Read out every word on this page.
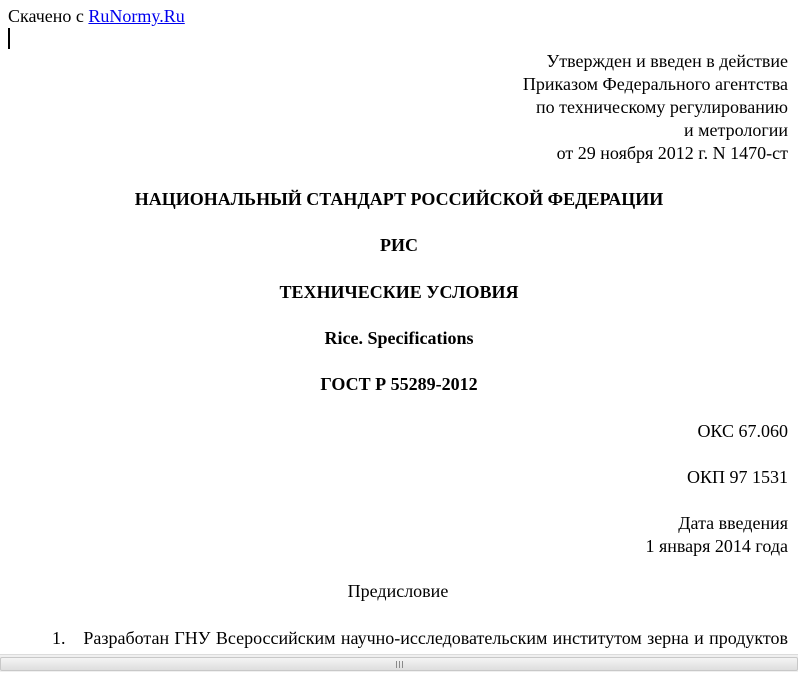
Скачено с RuNormy.Ru
Утвержден и введен в действие
Приказом Федерального агентства
по техническому регулированию
и метрологии
от 29 ноября 2012 г. N 1470-ст
НАЦИОНАЛЬНЫЙ СТАНДАРТ РОССИЙСКОЙ ФЕДЕРАЦИИ
РИС
ТЕХНИЧЕСКИЕ УСЛОВИЯ
Rice. Specifications
ГОСТ Р 55289-2012
ОКС 67.060
ОКП 97 1531
Дата введения
1 января 2014 года
Предисловие
1. Разработан ГНУ Всероссийским научно-исследовательским институтом зерна и продуктов
